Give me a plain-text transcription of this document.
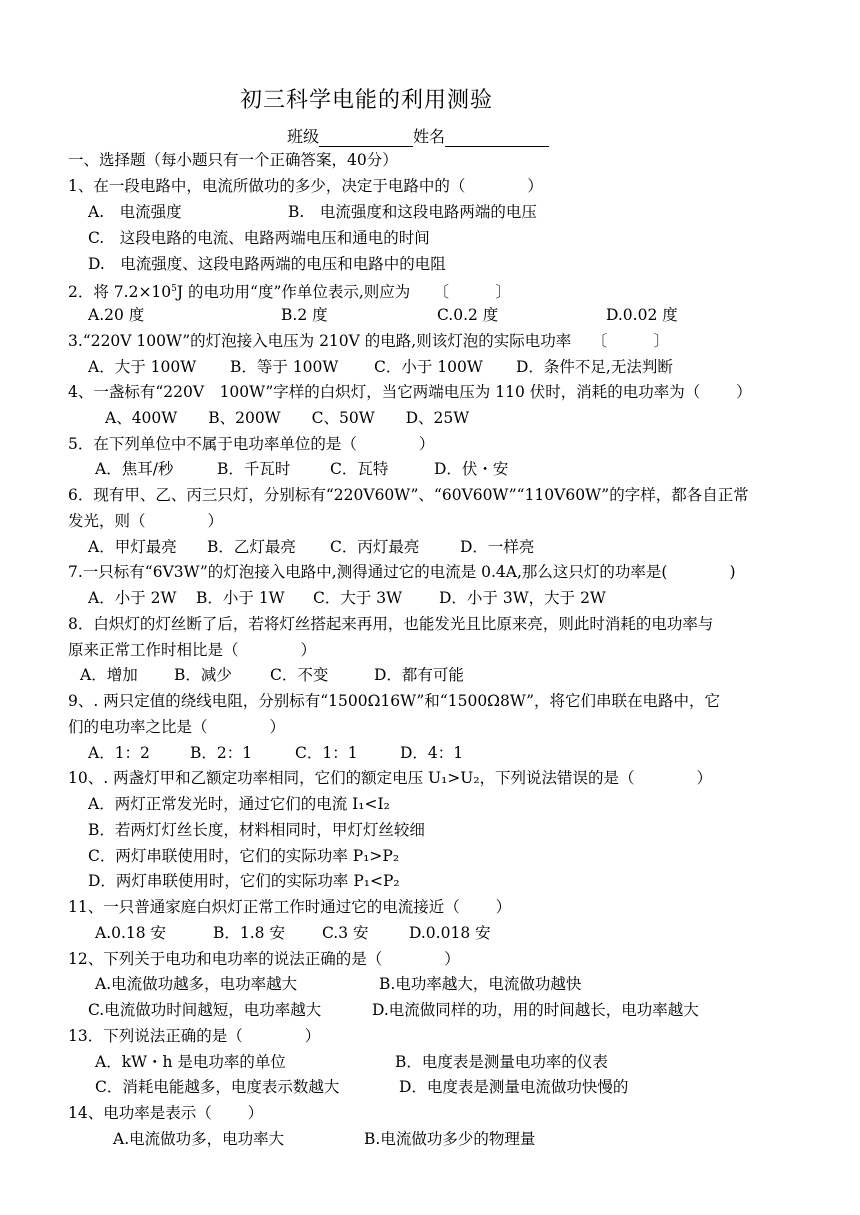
初三科学电能的利用测验
班级	姓名
一、选择题（每小题只有一个正确答案，40分）
1、在一段电路中，电流所做功的多少，决定于电路中的（　　　　）
A.　电流强度	B.　电流强度和这段电路两端的电压
C.　这段电路的电流、电路两端电压和通电的时间
D.　电流强度、这段电路两端的电压和电路中的电阻
2．将 $7.2\times 10^5J$ 的电功用“度”作单位表示,则应为　　〔　　　〕
A.20 度	B.2 度	C.0.2 度	D.0.02 度
3.“220V 100W”的灯泡接入电压为 210V 的电路,则该灯泡的实际电功率　 〔　　　〕
A．大于 100W B．等于 100W C．小于 100W D．条件不足,无法判断
4、一盏标有“220V　100W”字样的白炽灯，当它两端电压为 110 伏时，消耗的电功率为（　　 ）
A、400W　　B、200W　　C、50W　　D、25W
5．在下列单位中不属于电功率单位的是（　　　　）
A．焦耳/秒	B．千瓦时	C．瓦特	D．伏・安
6．现有甲、乙、丙三只灯，分别标有“220V60W”、“60V60W”“110V60W”的字样，都各自正常
发光，则（　　　　）
A．甲灯最亮 B．乙灯最亮 C．丙灯最亮	D．一样亮
7.一只标有“6V3W”的灯泡接入电路中,测得通过它的电流是 0.4A,那么这只灯的功率是(　　　　)
A．小于 2W B．小于 1W C．大于 3W D．小于 3W，大于 2W
8．白炽灯的灯丝断了后，若将灯丝搭起来再用，也能发光且比原来亮，则此时消耗的电功率与
原来正常工作时相比是（　　　　）
A．增加 B．减少 C．不变	D．都有可能
9、. 两只定值的绕线电阻，分别标有“1500Ω16W”和“1500Ω8W”，将它们串联在电路中，它
们的电功率之比是（　　　　）
A．1：2	B．2：1	C．1：1	D．4：1
10、. 两盏灯甲和乙额定功率相同，它们的额定电压 U₁>U₂，下列说法错误的是（　　　　）
A．两灯正常发光时，通过它们的电流 I₁<I₂
B．若两灯灯丝长度，材料相同时，甲灯灯丝较细
C．两灯串联使用时，它们的实际功率 P₁>P₂
D．两灯串联使用时，它们的实际功率 P₁<P₂
11、一只普通家庭白炽灯正常工作时通过它的电流接近（　　 ）
A.0.18 安	B．1.8 安 C.3 安	D.0.018 安
12、下列关于电功和电功率的说法正确的是（　　　　）
A.电流做功越多，电功率越大	B.电功率越大，电流做功越快
C.电流做功时间越短，电功率越大	D.电流做同样的功，用的时间越长，电功率越大
13．下列说法正确的是（　　　　）
A．kW・h 是电功率的单位	B．电度表是测量电功率的仪表
C．消耗电能越多，电度表示数越大	D．电度表是测量电流做功快慢的
14、电功率是表示（　　 ）
A.电流做功多，电功率大	B.电流做功多少的物理量
